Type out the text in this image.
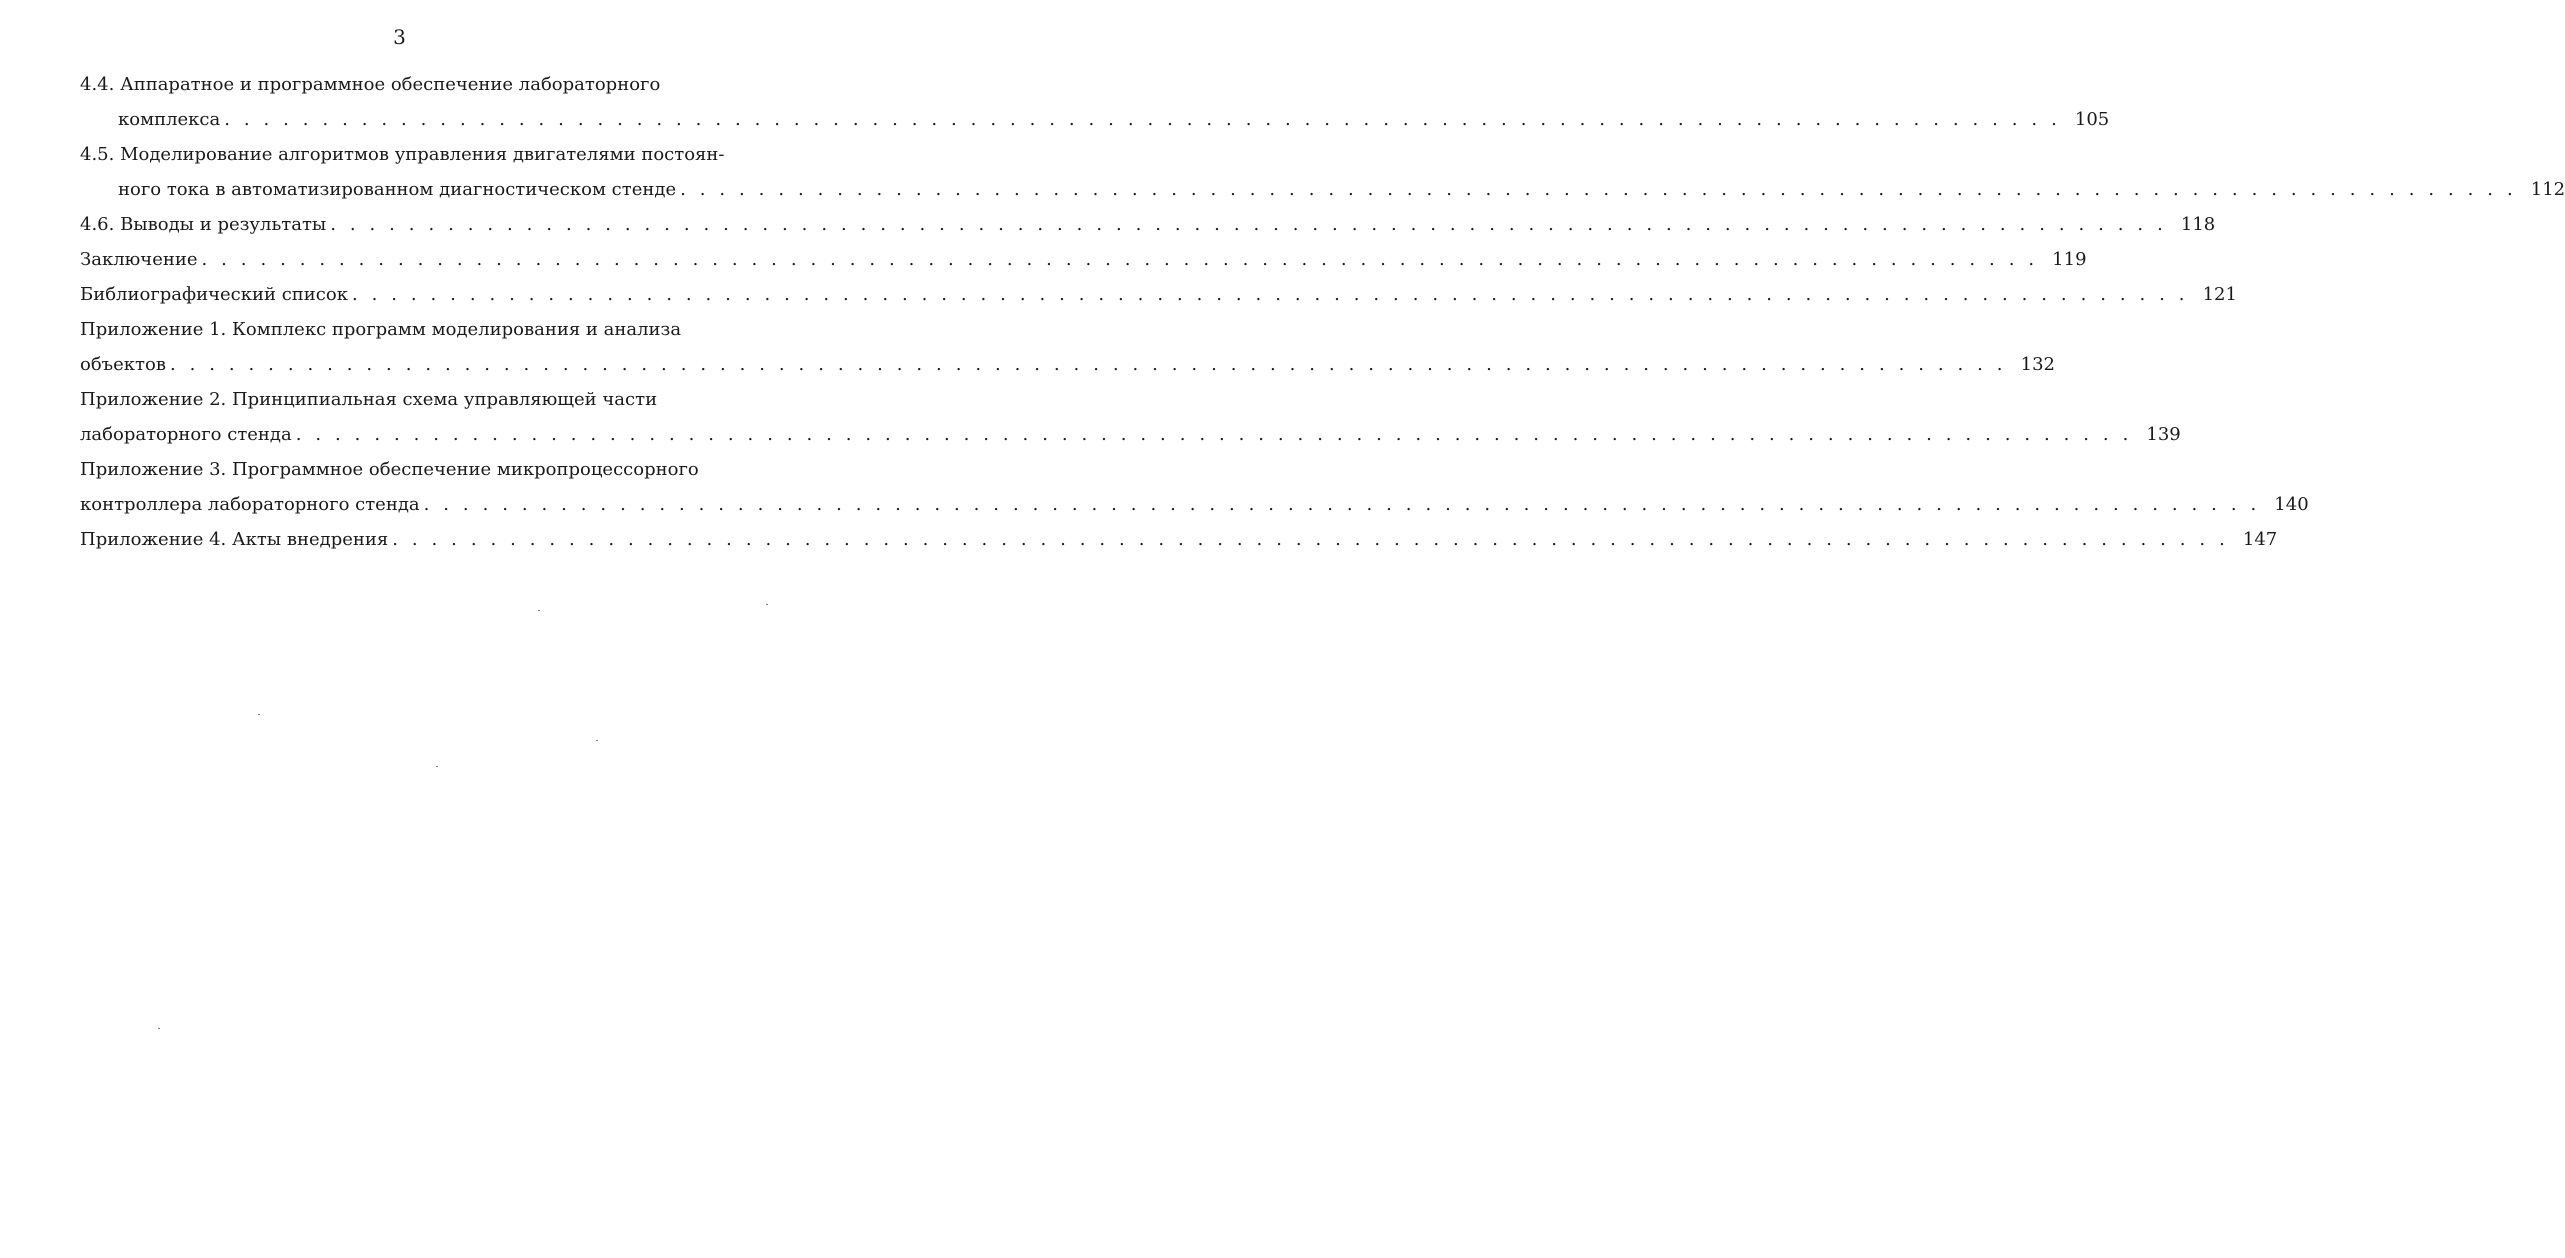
3
4.4. Аппаратное и программное обеспечение лабораторного
комплекса . . . . . . . . . . . . . . . . . . . . . . . . . . . . . . . . . . . . . . . . . . . . . . . . . . . . . . . . . . . . . . . . . . . . . . . . . . . . . . . . . . . . . . . . . . . . . . 105
4.5. Моделирование алгоритмов управления двигателями постоян-
ного тока в автоматизированном диагностическом стенде . . . . . . . . . . . . . . . . . . . . . . . . . . . . . . . . . . . . . . . . . . . . . . . . . . . . . . . . . . . . . . . . . . . . . . . . . . . . . . . . . . . . . . . . . . . . . . 112
4.6. Выводы и результаты . . . . . . . . . . . . . . . . . . . . . . . . . . . . . . . . . . . . . . . . . . . . . . . . . . . . . . . . . . . . . . . . . . . . . . . . . . . . . . . . . . . . . . . . . . . . . . 118
Заключение . . . . . . . . . . . . . . . . . . . . . . . . . . . . . . . . . . . . . . . . . . . . . . . . . . . . . . . . . . . . . . . . . . . . . . . . . . . . . . . . . . . . . . . . . . . . . . 119
Библиографический список . . . . . . . . . . . . . . . . . . . . . . . . . . . . . . . . . . . . . . . . . . . . . . . . . . . . . . . . . . . . . . . . . . . . . . . . . . . . . . . . . . . . . . . . . . . . . . 121
Приложение 1. Комплекс программ моделирования и анализа
объектов . . . . . . . . . . . . . . . . . . . . . . . . . . . . . . . . . . . . . . . . . . . . . . . . . . . . . . . . . . . . . . . . . . . . . . . . . . . . . . . . . . . . . . . . . . . . . . 132
Приложение 2. Принципиальная схема управляющей части
лабораторного стенда . . . . . . . . . . . . . . . . . . . . . . . . . . . . . . . . . . . . . . . . . . . . . . . . . . . . . . . . . . . . . . . . . . . . . . . . . . . . . . . . . . . . . . . . . . . . . . 139
Приложение 3. Программное обеспечение микропроцессорного
контроллера лабораторного стенда . . . . . . . . . . . . . . . . . . . . . . . . . . . . . . . . . . . . . . . . . . . . . . . . . . . . . . . . . . . . . . . . . . . . . . . . . . . . . . . . . . . . . . . . . . . . . . 140
Приложение 4. Акты внедрения . . . . . . . . . . . . . . . . . . . . . . . . . . . . . . . . . . . . . . . . . . . . . . . . . . . . . . . . . . . . . . . . . . . . . . . . . . . . . . . . . . . . . . . . . . . . . . 147
